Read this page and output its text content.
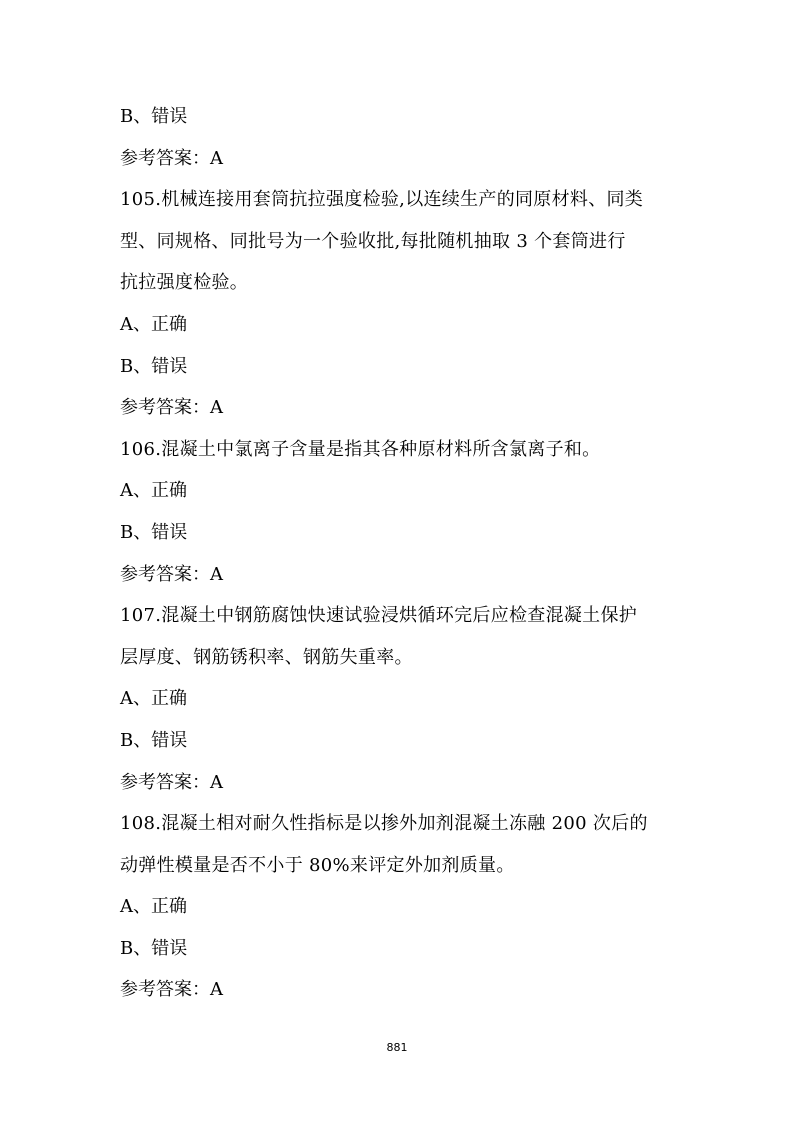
B、错误
参考答案：A
105.机械连接用套筒抗拉强度检验,以连续生产的同原材料、同类
型、同规格、同批号为一个验收批,每批随机抽取 3 个套筒进行
抗拉强度检验。
A、正确
B、错误
参考答案：A
106.混凝土中氯离子含量是指其各种原材料所含氯离子和。
A、正确
B、错误
参考答案：A
107.混凝土中钢筋腐蚀快速试验浸烘循环完后应检查混凝土保护
层厚度、钢筋锈积率、钢筋失重率。
A、正确
B、错误
参考答案：A
108.混凝土相对耐久性指标是以掺外加剂混凝土冻融 200 次后的
动弹性模量是否不小于 80%来评定外加剂质量。
A、正确
B、错误
参考答案：A
881
